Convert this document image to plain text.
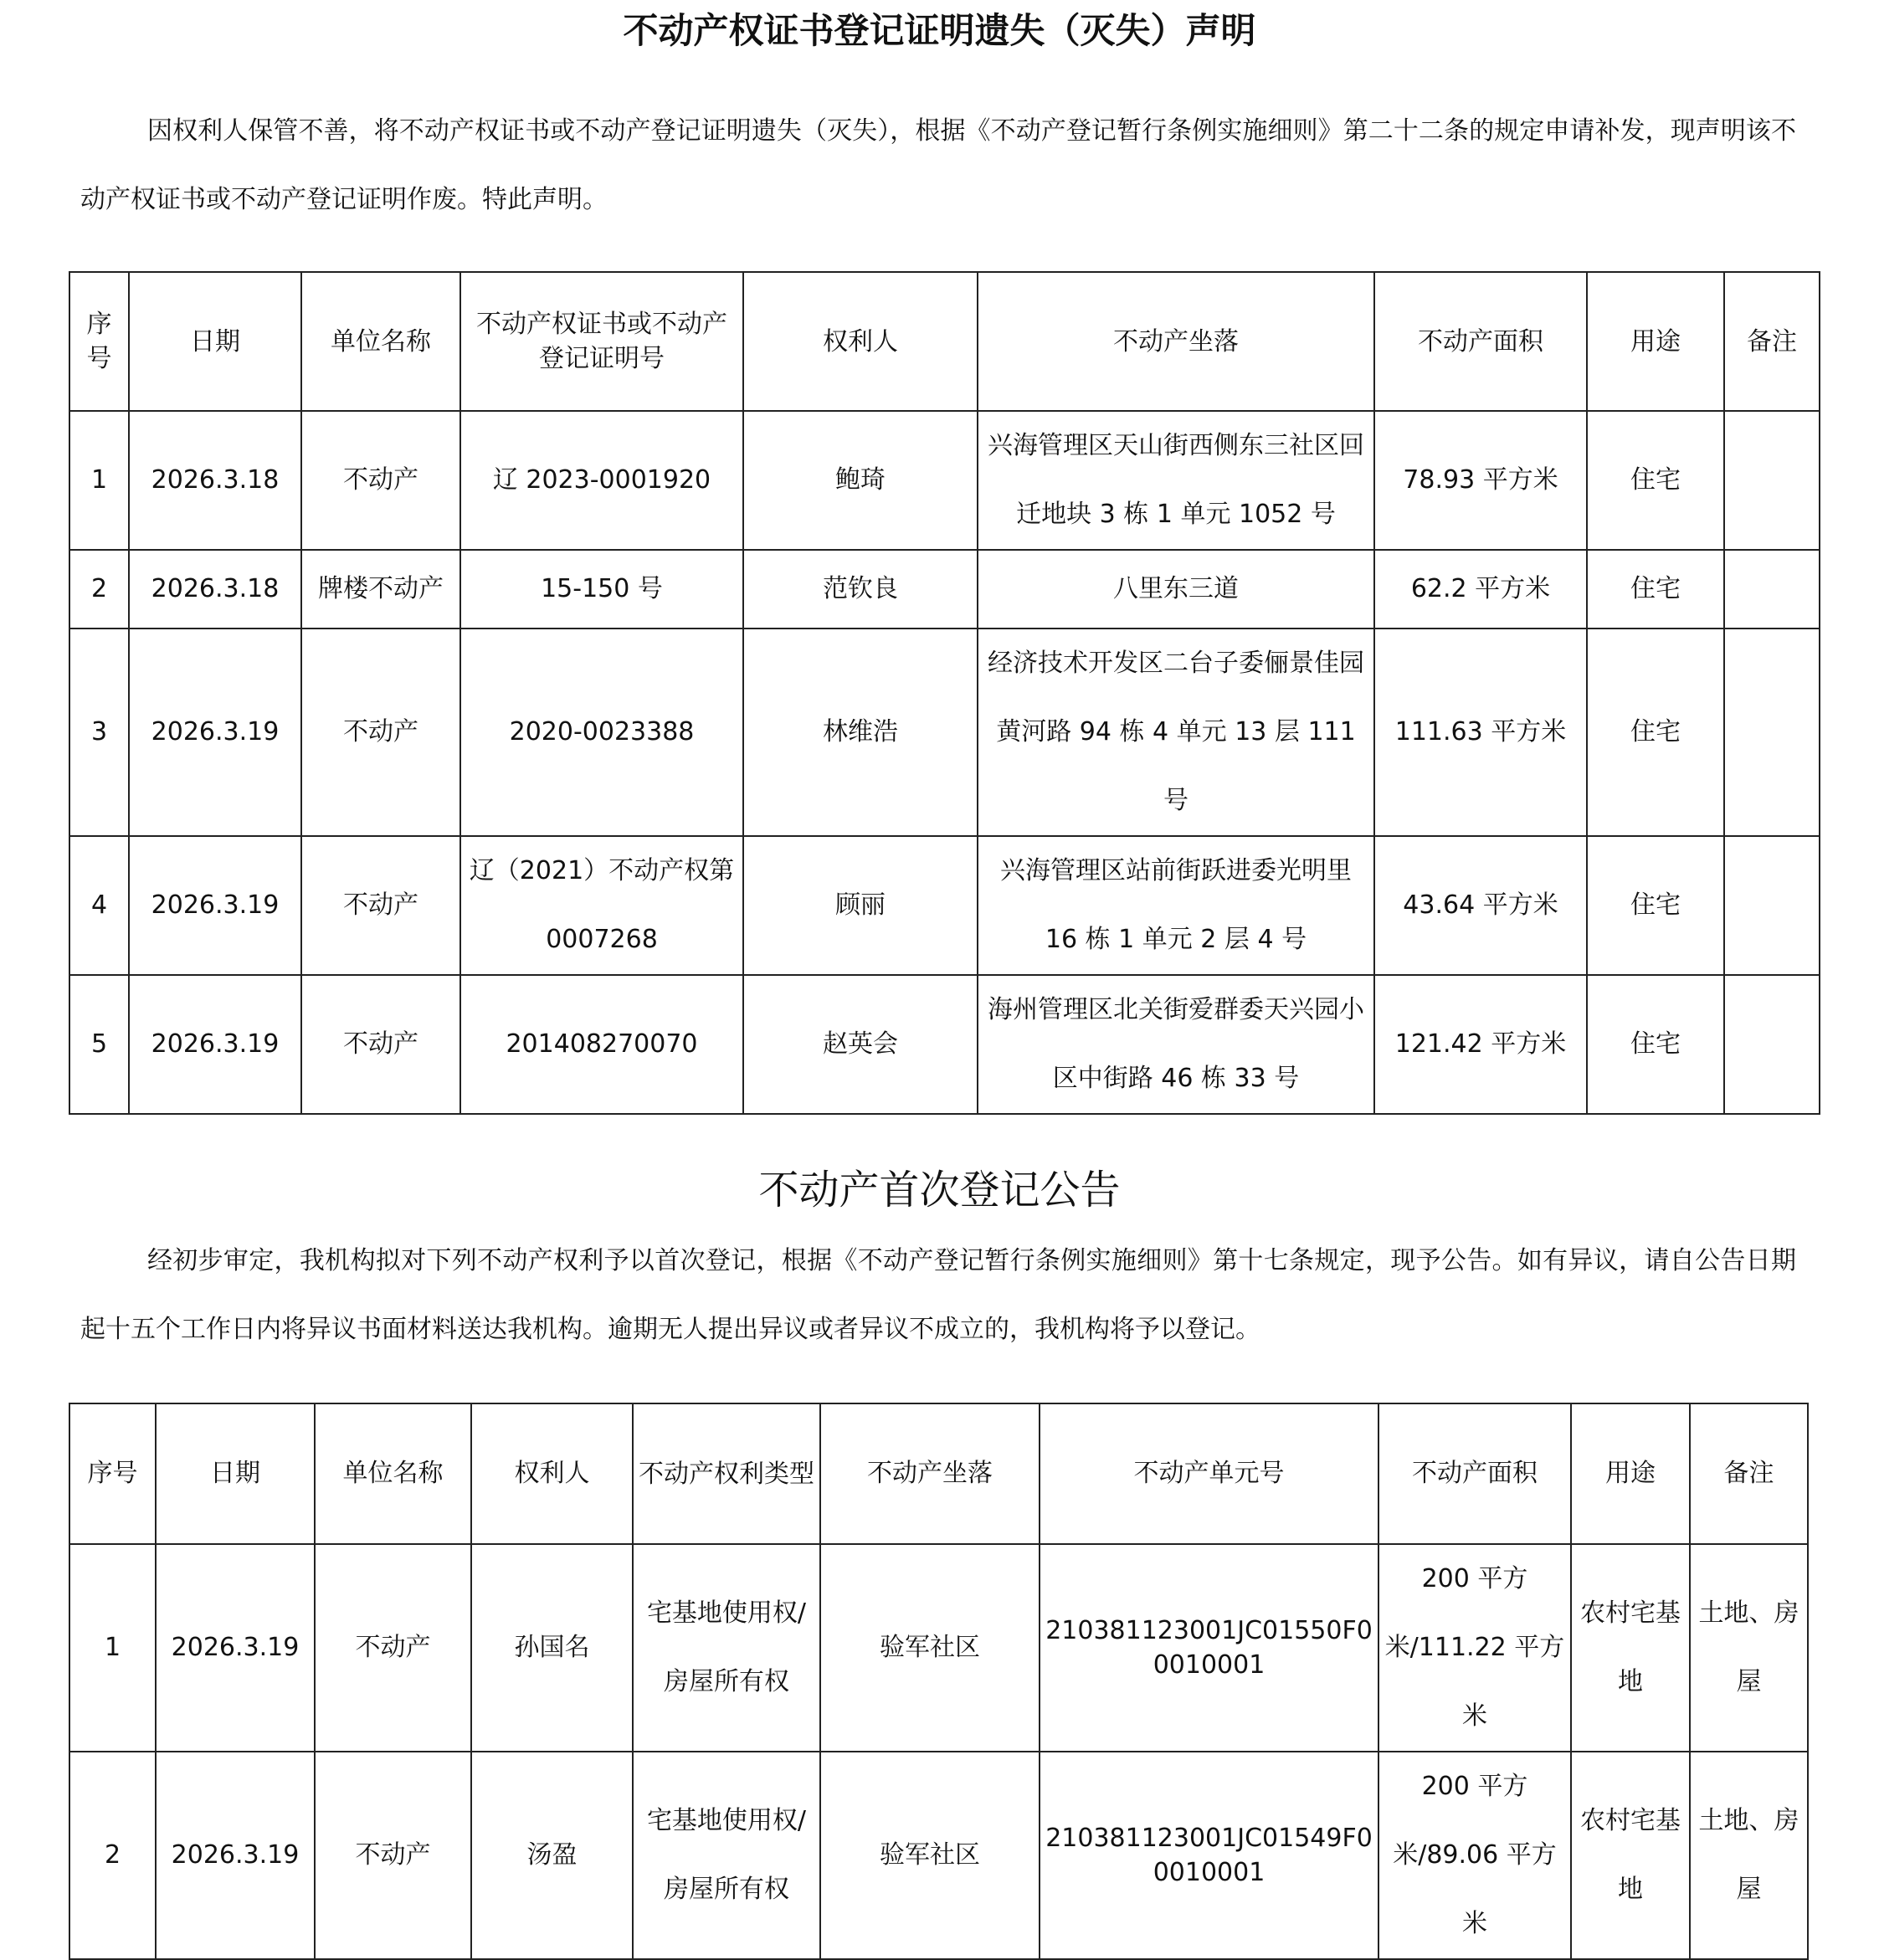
不动产权证书登记证明遗失（灭失）声明
因权利人保管不善，将不动产权证书或不动产登记证明遗失（灭失），根据《不动产登记暂行条例实施细则》第二十二条的规定申请补发，现声明该不动产权证书或不动产登记证明作废。特此声明。
序号	日期	单位名称	不动产权证书或不动产登记证明号	权利人	不动产坐落	不动产面积	用途	备注
1	2026.3.18	不动产	辽 2023-0001920	鲍琦	兴海管理区天山街西侧东三社区回迁地块 3 栋 1 单元 1052 号	78.93 平方米	住宅	
2	2026.3.18	牌楼不动产	15-150 号	范钦良	八里东三道	62.2 平方米	住宅	
3	2026.3.19	不动产	2020-0023388	林维浩	经济技术开发区二台子委俪景佳园黄河路 94 栋 4 单元 13 层 111 号	111.63 平方米	住宅	
4	2026.3.19	不动产	辽（2021）不动产权第 0007268	顾丽	兴海管理区站前街跃进委光明里 16 栋 1 单元 2 层 4 号	43.64 平方米	住宅	
5	2026.3.19	不动产	201408270070	赵英会	海州管理区北关街爱群委天兴园小区中街路 46 栋 33 号	121.42 平方米	住宅	
不动产首次登记公告
经初步审定，我机构拟对下列不动产权利予以首次登记，根据《不动产登记暂行条例实施细则》第十七条规定，现予公告。如有异议，请自公告日期起十五个工作日内将异议书面材料送达我机构。逾期无人提出异议或者异议不成立的，我机构将予以登记。
序号	日期	单位名称	权利人	不动产权利类型	不动产坐落	不动产单元号	不动产面积	用途	备注
1	2026.3.19	不动产	孙国名	宅基地使用权/房屋所有权	验军社区	21038112300‌1JC01550F00010001	200 平方米/111.22 平方米	农村宅基地	土地、房屋
2	2026.3.19	不动产	汤盈	宅基地使用权/房屋所有权	验军社区	210381123001JC01549F00010001	200 平方米/89.06 平方米	农村宅基地	土地、房屋
